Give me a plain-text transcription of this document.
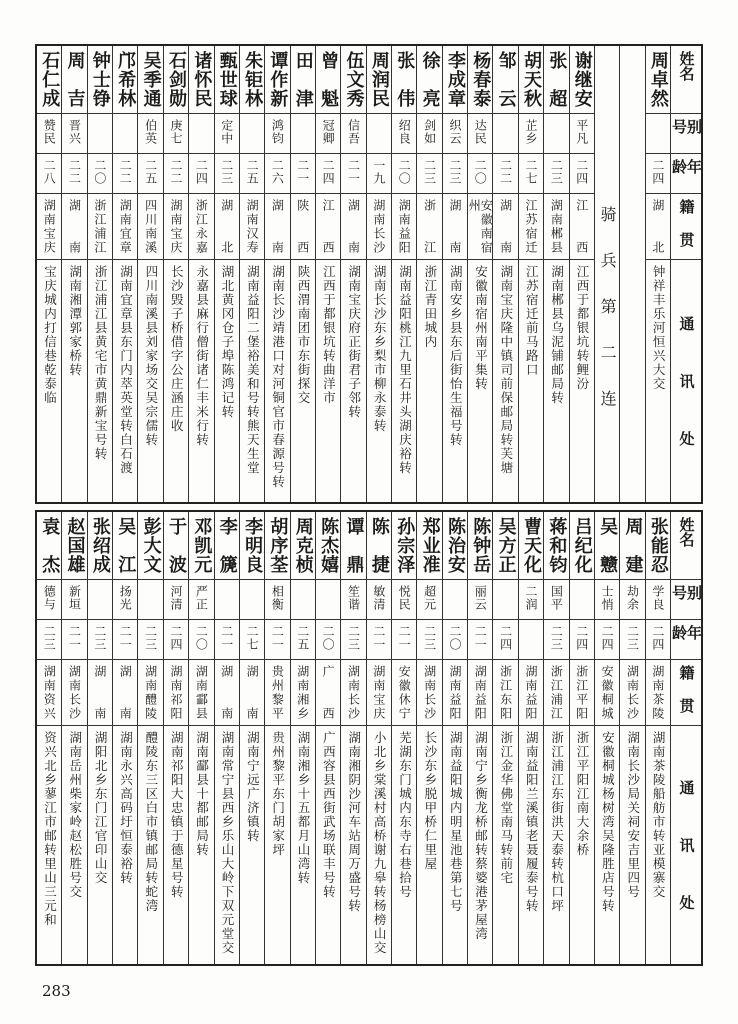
姓名
别号
年龄
籍贯
通讯处
周卓然
二四
湖北
钟祥丰乐河恒兴大交
骑兵第二连
谢继安
平凡
二四
江西
江西于都银坑转鲤汾
张超
二三
湖南郴县
湖南郴县乌泥铺邮局转
胡天秋
芷乡
二七
江苏宿迁
江苏宿迁前马路口
邹云
二二
湖南
湖南宝庆隆中镇司前保邮局转芙塘
杨春泰
达民
二〇
安徽南宿州
安徽南宿州南平集转
李成章
织云
二三
湖南
湖南安乡县东后街怡生福号转
徐亮
剑如
二三
浙江
浙江青田城内
张伟
绍良
二〇
湖南益阳
湖南益阳桃江九里石井头湖庆裕转
周润民
一九
湖南长沙
湖南长沙东乡梨市柳永泰转
伍文秀
信吾
二一
湖南
湖南宝庆府正街君子邻转
曾魁
冠卿
二四
江西
江西于都银坑转曲洋市
田津
二一
陕西
陕西渭南团市东街探交
谭作新
鸿钧
二六
湖南
湖南长沙靖港口对河铜官市春源号转
朱钜林
二五
湖南汉寿
湖南益阳二堡裕美和号转熊天生堂
甄世球
定中
二三
湖北
湖北黄冈仓子埠陈鸿记转
诸怀民
二四
浙江永嘉
永嘉县麻行僧街诸仁丰米行转
石剑勋
庚七
二二
湖南宝庆
长沙毁子桥借字公庄涵庄收
吴季通
伯英
二五
四川南溪
四川南溪县刘家场交吴宗儒转
邝希林
二二
湖南宜章
湖南宜章县东门内萃英堂转白石渡
钟士铮
二〇
浙江浦江
浙江浦江县黄宅市黄鼎新宝号转
周吉
晋兴
二二
湖南
湖南湘潭郭家桥转
石仁成
赞民
二八
湖南宝庆
宝庆城内打信巷乾泰临
姓名
别号
年龄
籍贯
通讯处
张能忍
学良
二四
湖南茶陵
湖南茶陵船舫市转亚模寨交
周建
劫余
二三
湖南长沙
湖南长沙局关祠安吉里四号
吴戆
士悄
二四
安徽桐城
安徽桐城杨树湾吴隆胜店号转
吕纪化
二四
浙江平阳
浙江平阳江南大余桥
蒋和钧
国平
二三
浙江浦江
浙江浦江东街洪天泰转杭口坪
曹天化
二润
湖南益阳
湖南益阳兰溪镇老聂履泰号转
吴方正
二四
浙江东阳
浙江金华佛堂南马转前宅
陈钟岳
丽云
二一
湖南益阳
湖南宁乡衡龙桥邮转蔡婆港茅屋湾
陈治安
二〇
湖南益阳
湖南益阳城内明星池巷第七号
郑业准
超元
二三
湖南长沙
长沙东乡脱甲桥仁里屋
孙宗泽
悦民
二一
安徽休宁
芜湖东门城内东寺右巷拾号
陈捷
敏清
二一
湖南宝庆
小北乡棠溪村高桥谢九皋转杨榜山交
谭鼎
笙谐
二三
湖南长沙
湖南湘阴沙河车站周万盛号转
陈杰嬉
二〇
广西
广西容县西街武场联丰号转
周克桢
二五
湖南湘乡
湖南湘乡十五都月山湾转
胡序荃
相衡
二一
贵州黎平
贵州黎平东门胡家坪
李明良
二七
湖南
湖南宁远广济镇转
李篪
二一
湖南
湖南常宁县西乡乐山大岭下双元堂交
邓凯元
严正
二〇
湖南酃县
湖南酃县十都邮局转
于波
河清
二四
湖南祁阳
湖南祁阳大忠镇于德星号转
彭大文
二三
湖南醴陵
醴陵东三区白市镇邮局转蛇湾
吴江
扬光
二一
湖南
湖南永兴高码圩恒泰裕转
张绍成
二三
湖南
湖阳北乡东门江官印山交
赵国雄
新垣
二一
湖南长沙
湖南岳州柴家岭赵松胜号交
袁杰
德与
二三
湖南资兴
资兴北乡蓼江市邮转里山三元和
283
